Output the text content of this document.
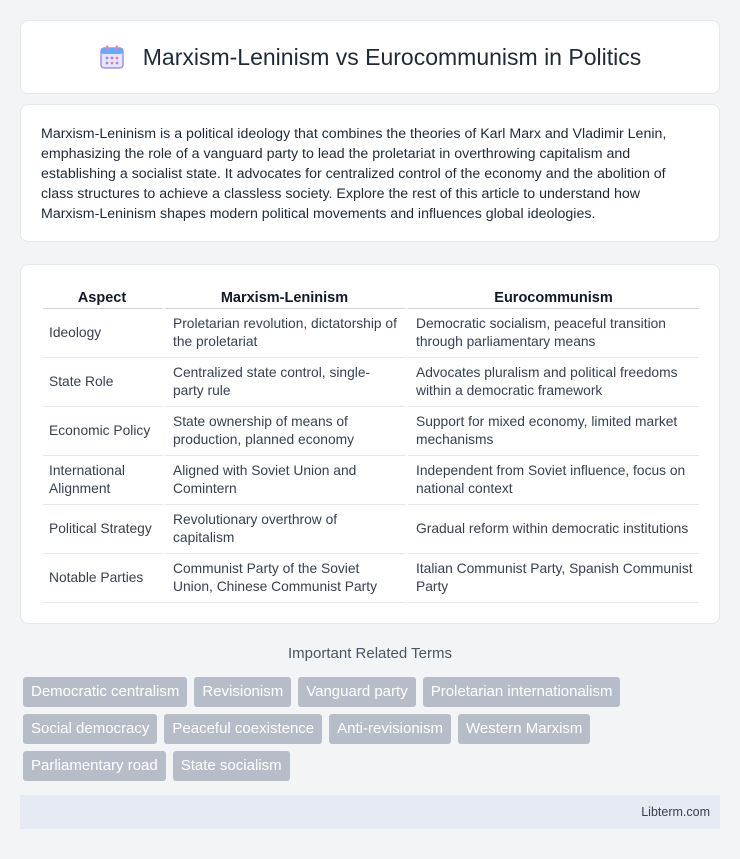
Marxism-Leninism vs Eurocommunism in Politics

Marxism-Leninism is a political ideology that combines the theories of Karl Marx and Vladimir Lenin, emphasizing the role of a vanguard party to lead the proletariat in overthrowing capitalism and establishing a socialist state. It advocates for centralized control of the economy and the abolition of class structures to achieve a classless society. Explore the rest of this article to understand how Marxism-Leninism shapes modern political movements and influences global ideologies.

Aspect	Marxism-Leninism	Eurocommunism
Ideology	Proletarian revolution, dictatorship of the proletariat	Democratic socialism, peaceful transition through parliamentary means
State Role	Centralized state control, single-party rule	Advocates pluralism and political freedoms within a democratic framework
Economic Policy	State ownership of means of production, planned economy	Support for mixed economy, limited market mechanisms
International Alignment	Aligned with Soviet Union and Comintern	Independent from Soviet influence, focus on national context
Political Strategy	Revolutionary overthrow of capitalism	Gradual reform within democratic institutions
Notable Parties	Communist Party of the Soviet Union, Chinese Communist Party	Italian Communist Party, Spanish Communist Party
Important Related Terms
Democratic centralism	Revisionism	Vanguard party	Proletarian internationalism
Social democracy	Peaceful coexistence	Anti-revisionism	Western Marxism
Parliamentary road	State socialism
Libterm.com
